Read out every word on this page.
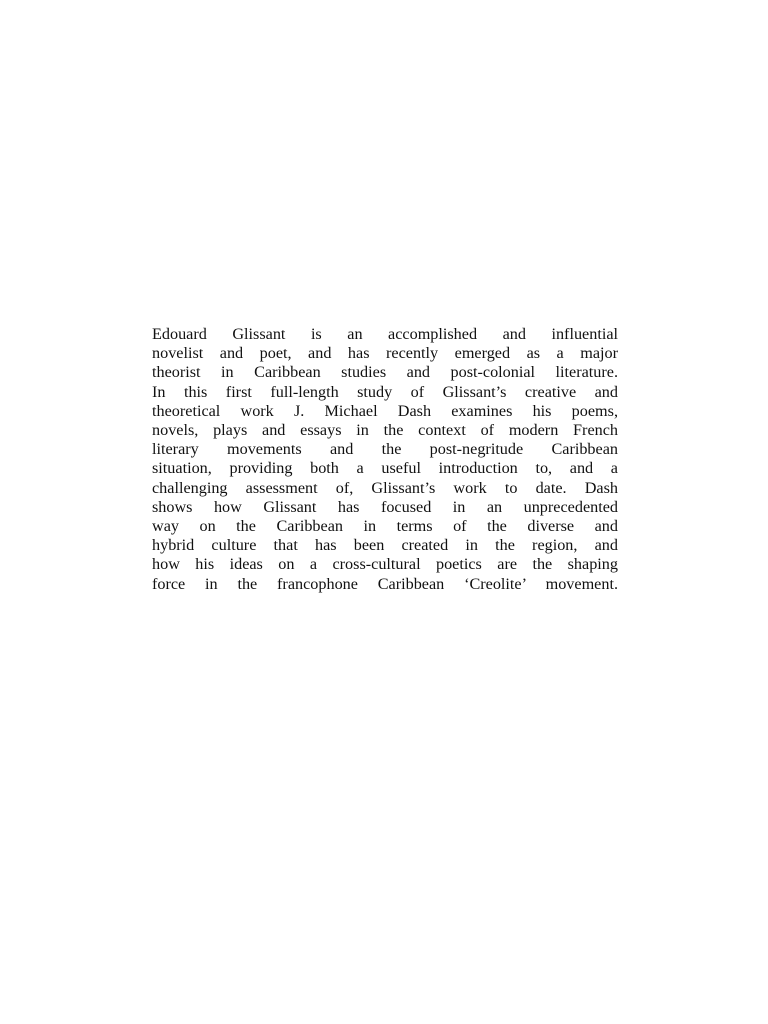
Edouard Glissant is an accomplished and influential
novelist and poet, and has recently emerged as a major
theorist in Caribbean studies and post-colonial literature.
In this first full-length study of Glissant’s creative and
theoretical work J. Michael Dash examines his poems,
novels, plays and essays in the context of modern French
literary movements and the post-negritude Caribbean
situation, providing both a useful introduction to, and a
challenging assessment of, Glissant’s work to date. Dash
shows how Glissant has focused in an unprecedented
way on the Caribbean in terms of the diverse and
hybrid culture that has been created in the region, and
how his ideas on a cross-cultural poetics are the shaping
force in the francophone Caribbean ‘Creolite’ movement.
